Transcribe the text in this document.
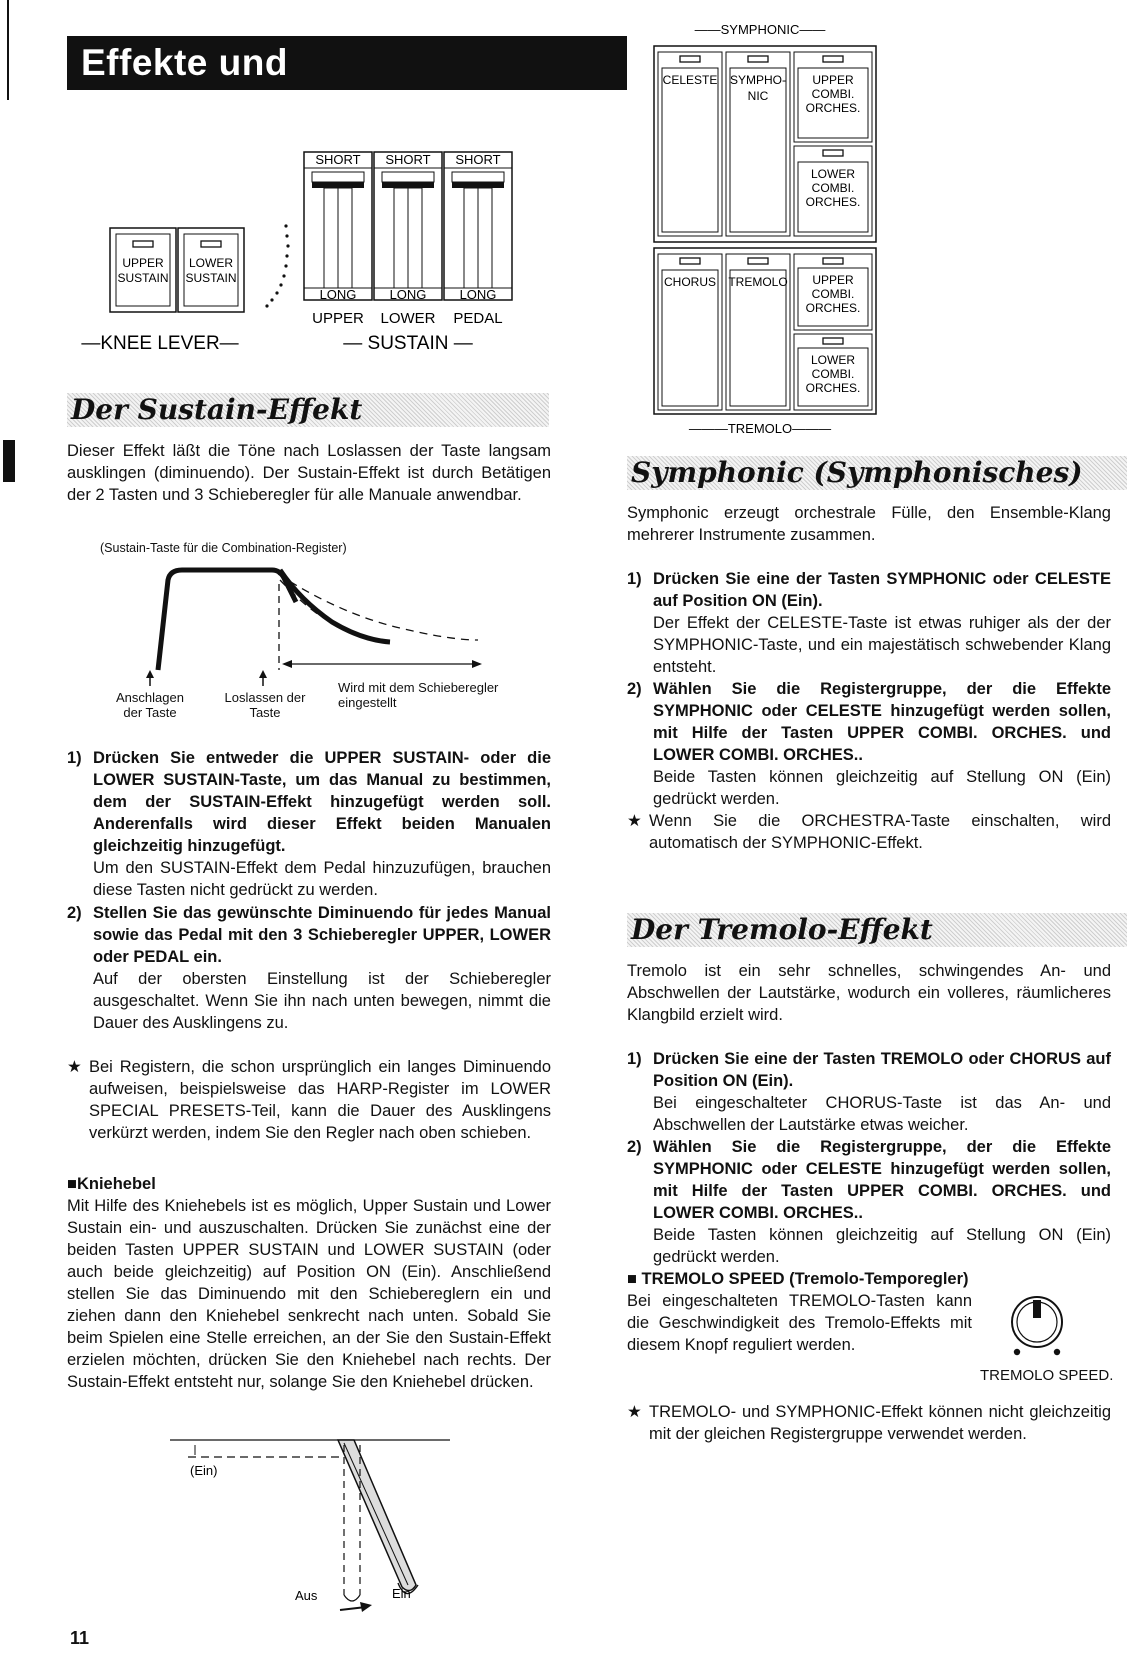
Effekte und Bedienungselemente
UPPER
SUSTAIN
LOWER
SUSTAIN
SHORT
LONG
SHORT
LONG
SHORT
LONG
UPPER LOWER PEDAL
—KNEE LEVER—	— SUSTAIN —
Der Sustain-Effekt
Dieser Effekt läßt die Töne nach Loslassen der Taste langsam ausklingen (diminuendo). Der Sustain-Effekt ist durch Betätigen der 2 Tasten und 3 Schieberegler für alle Manuale anwendbar.
(Sustain-Taste für die Combination-Register)
Anschlagen
der Taste
Loslassen der
Taste
Wird mit dem Schieberegler
eingestellt
1) Drücken Sie entweder die UPPER SUSTAIN- oder die LOWER SUSTAIN-Taste, um das Manual zu bestimmen, dem der SUSTAIN-Effekt hinzugefügt werden soll. Anderenfalls wird dieser Effekt beiden Manualen gleichzeitig hinzugefügt.
Um den SUSTAIN-Effekt dem Pedal hinzuzufügen, brauchen diese Tasten nicht gedrückt zu werden.
2) Stellen Sie das gewünschte Diminuendo für jedes Manual sowie das Pedal mit den 3 Schieberegler UPPER, LOWER oder PEDAL ein.
Auf der obersten Einstellung ist der Schieberegler ausgeschaltet. Wenn Sie ihn nach unten bewegen, nimmt die Dauer des Ausklingens zu.
★ Bei Registern, die schon ursprünglich ein langes Diminuendo aufweisen, beispielsweise das HARP-Register im LOWER SPECIAL PRESETS-Teil, kann die Dauer des Ausklingens verkürzt werden, indem Sie den Regler nach oben schieben.
■Kniehebel
Mit Hilfe des Kniehebels ist es möglich, Upper Sustain und Lower Sustain ein- und auszuschalten. Drücken Sie zunächst eine der beiden Tasten UPPER SUSTAIN und LOWER SUSTAIN (oder auch beide gleichzeitig) auf Position ON (Ein). Anschließend stellen Sie das Diminuendo mit den Schiebereglern ein und ziehen dann den Kniehebel senkrecht nach unten. Sobald Sie beim Spielen eine Stelle erreichen, an der Sie den Sustain-Effekt erzielen möchten, drücken Sie den Kniehebel nach rechts. Der Sustain-Effekt entsteht nur, solange Sie den Kniehebel drücken.
(Ein)
Aus	Ein
11
——SYMPHONIC——
CELESTE SYMPHO-
NIC
UPPER
COMBI.
ORCHES.
LOWER
COMBI.
ORCHES.
CHORUS TREMOLO UPPER
COMBI.
ORCHES.
LOWER
COMBI.
ORCHES.
———TREMOLO———
Symphonic (Symphonisches)
Symphonic erzeugt orchestrale Fülle, den Ensemble-Klang mehrerer Instrumente zusammen.
1) Drücken Sie eine der Tasten SYMPHONIC oder CELESTE auf Position ON (Ein).
Der Effekt der CELESTE-Taste ist etwas ruhiger als der der SYMPHONIC-Taste, und ein majestätisch schwebender Klang entsteht.
2) Wählen Sie die Registergruppe, der die Effekte SYMPHONIC oder CELESTE hinzugefügt werden sollen, mit Hilfe der Tasten UPPER COMBI. ORCHES. und LOWER COMBI. ORCHES..
Beide Tasten können gleichzeitig auf Stellung ON (Ein) gedrückt werden.
★ Wenn Sie die ORCHESTRA-Taste einschalten, wird automatisch der SYMPHONIC-Effekt.
Der Tremolo-Effekt
Tremolo ist ein sehr schnelles, schwingendes An- und Abschwellen der Lautstärke, wodurch ein volleres, räumlicheres Klangbild erzielt wird.
1) Drücken Sie eine der Tasten TREMOLO oder CHORUS auf Position ON (Ein).
Bei eingeschalteter CHORUS-Taste ist das An- und Abschwellen der Lautstärke etwas weicher.
2) Wählen Sie die Registergruppe, der die Effekte SYMPHONIC oder CELESTE hinzugefügt werden sollen, mit Hilfe der Tasten UPPER COMBI. ORCHES. und LOWER COMBI. ORCHES..
Beide Tasten können gleichzeitig auf Stellung ON (Ein) gedrückt werden.
■ TREMOLO SPEED (Tremolo-Temporegler)
Bei eingeschalteten TREMOLO-Tasten kann die Geschwindigkeit des Tremolo-Effekts mit diesem Knopf reguliert werden.
TREMOLO SPEED.
★ TREMOLO- und SYMPHONIC-Effekt können nicht gleichzeitig mit der gleichen Registergruppe verwendet werden.
